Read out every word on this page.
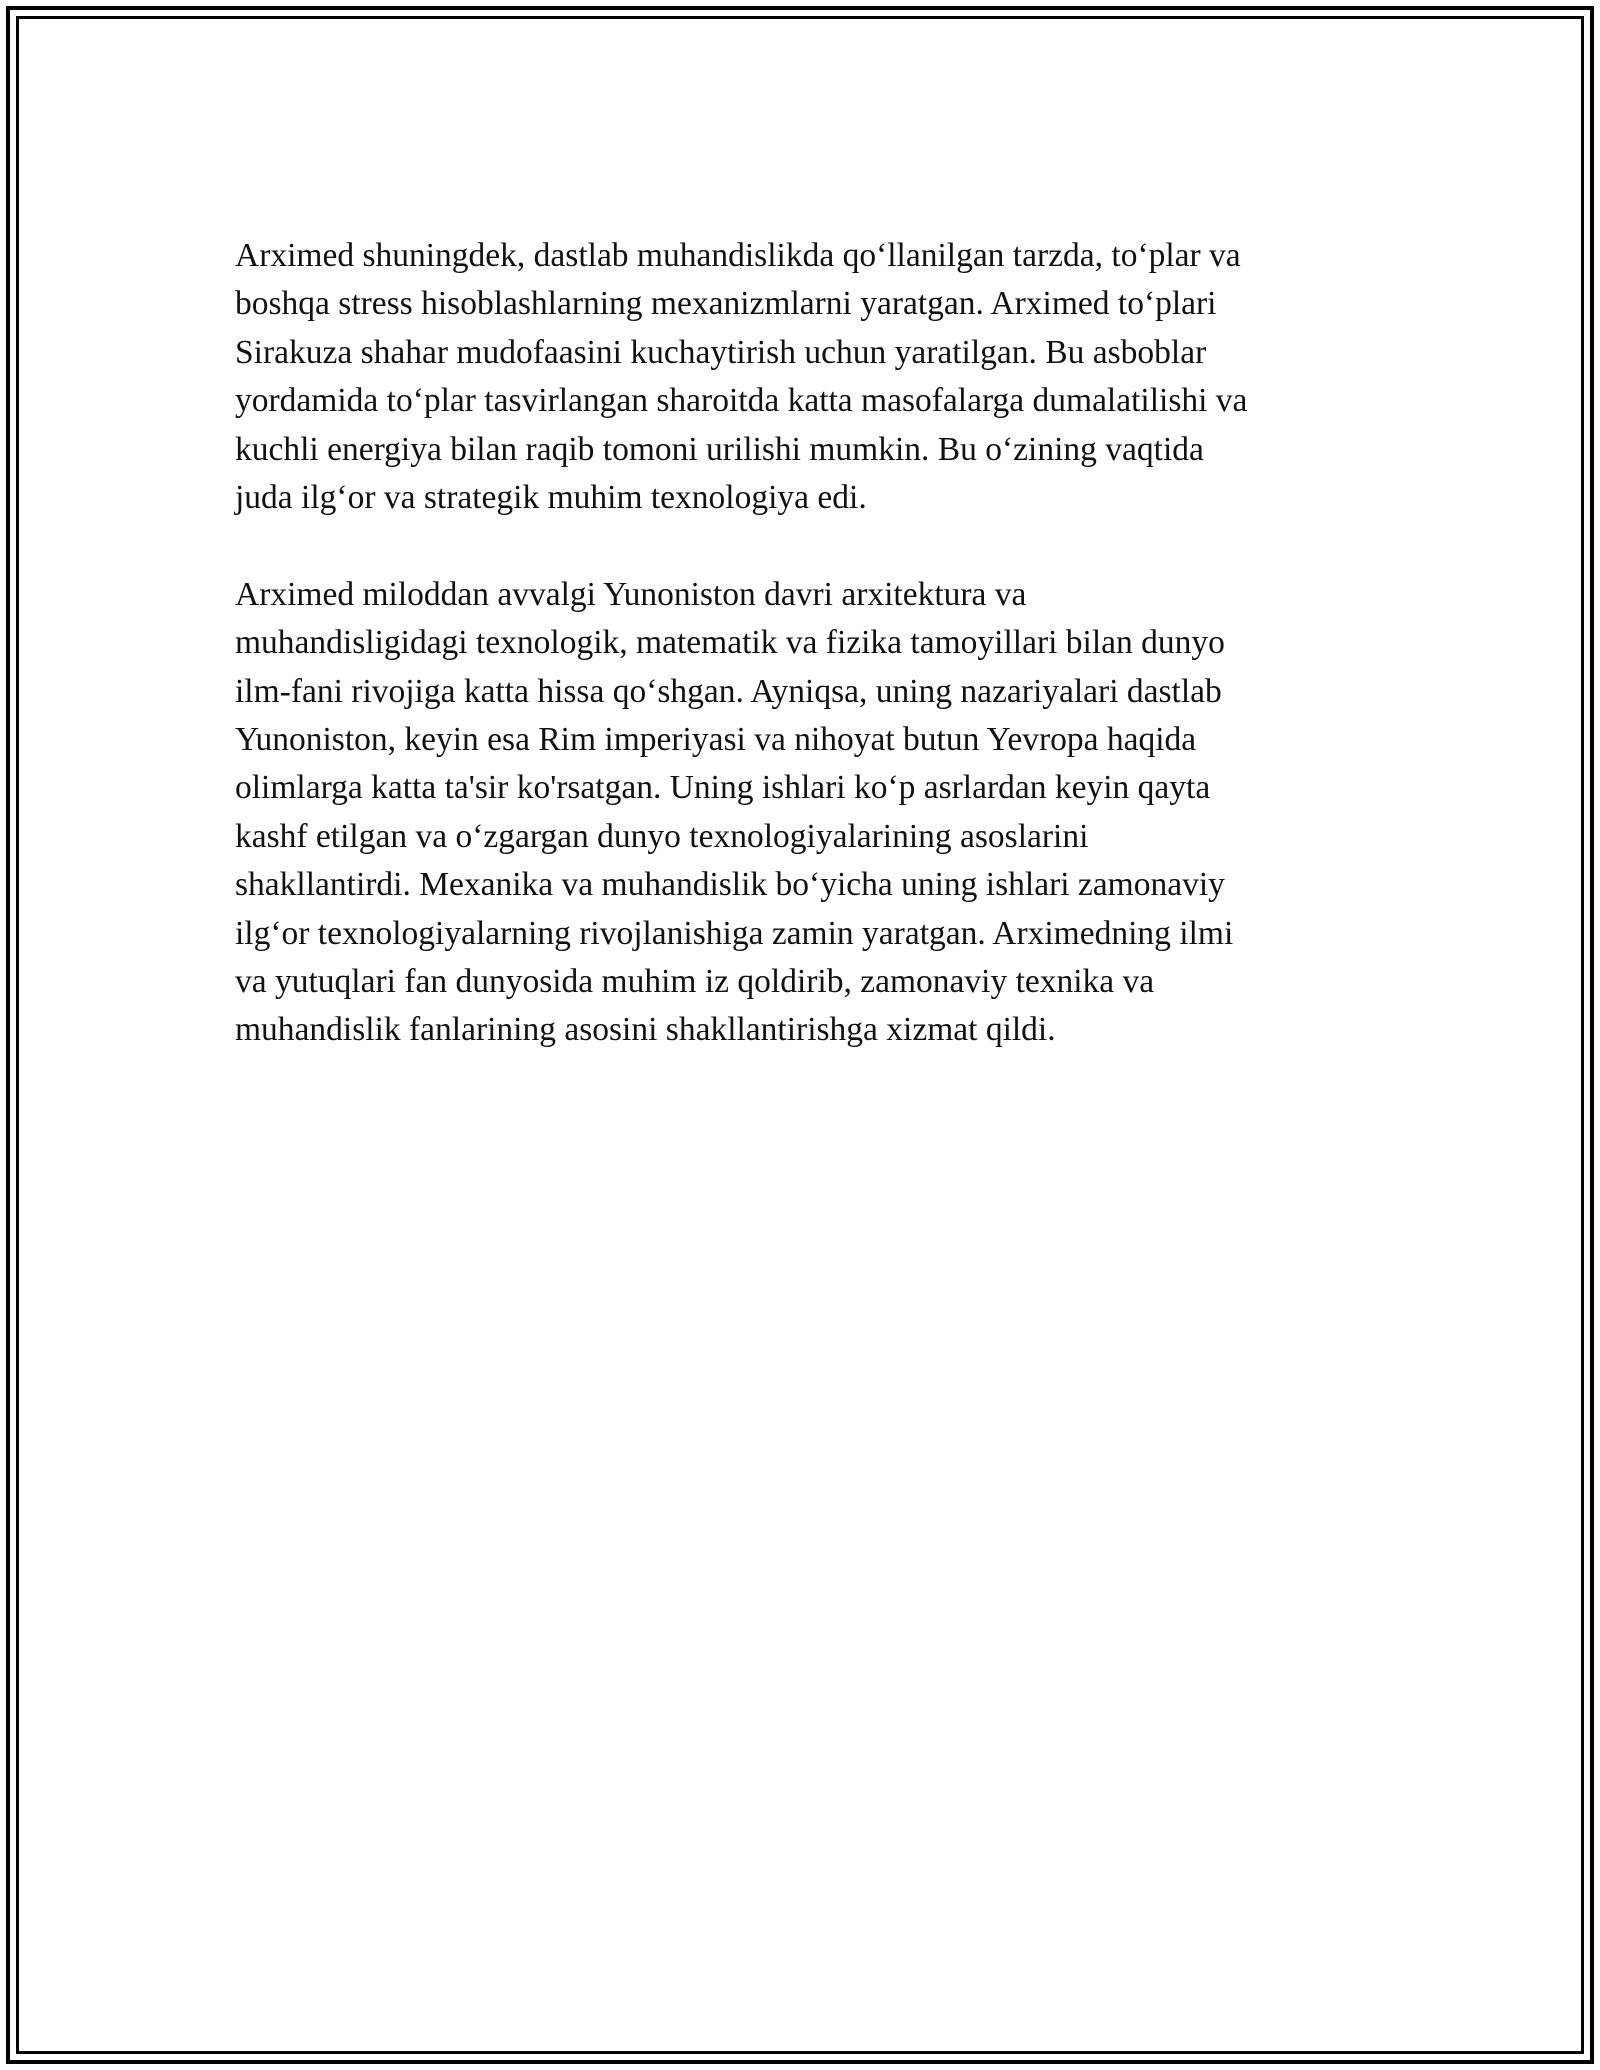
Arximed shuningdek, dastlab muhandislikda qo‘llanilgan tarzda, to‘plar va
boshqa stress hisoblashlarning mexanizmlarni yaratgan. Arximed to‘plari
Sirakuza shahar mudofaasini kuchaytirish uchun yaratilgan. Bu asboblar
yordamida to‘plar tasvirlangan sharoitda katta masofalarga dumalatilishi va
kuchli energiya bilan raqib tomoni urilishi mumkin. Bu o‘zining vaqtida
juda ilg‘or va strategik muhim texnologiya edi.

Arximed miloddan avvalgi Yunoniston davri arxitektura va
muhandisligidagi texnologik, matematik va fizika tamoyillari bilan dunyo
ilm-fani rivojiga katta hissa qo‘shgan. Ayniqsa, uning nazariyalari dastlab
Yunoniston, keyin esa Rim imperiyasi va nihoyat butun Yevropa haqida
olimlarga katta ta'sir ko'rsatgan. Uning ishlari ko‘p asrlardan keyin qayta
kashf etilgan va o‘zgargan dunyo texnologiyalarining asoslarini
shakllantirdi. Mexanika va muhandislik bo‘yicha uning ishlari zamonaviy
ilg‘or texnologiyalarning rivojlanishiga zamin yaratgan. Arximedning ilmi
va yutuqlari fan dunyosida muhim iz qoldirib, zamonaviy texnika va
muhandislik fanlarining asosini shakllantirishga xizmat qildi.
